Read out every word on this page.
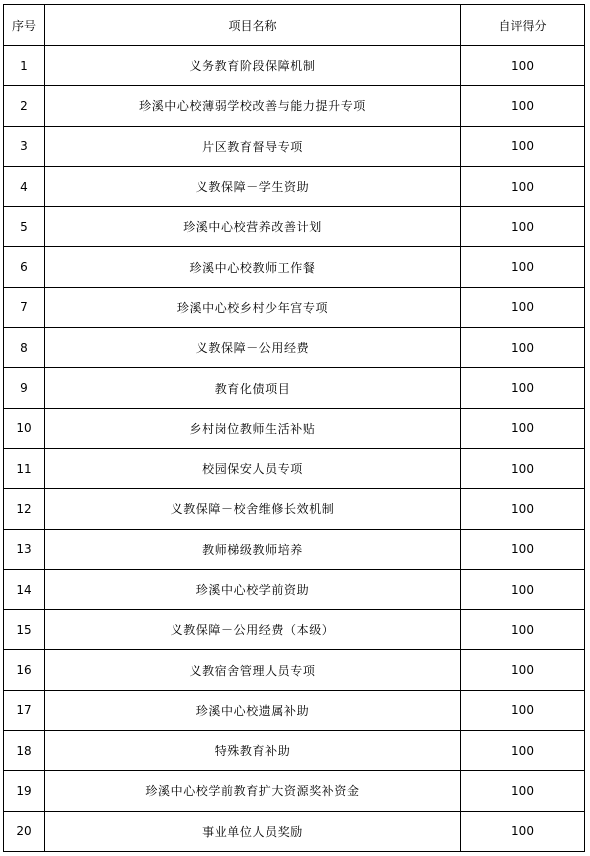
序号	项目名称	自评得分
1	义务教育阶段保障机制	100
2	珍溪中心校薄弱学校改善与能力提升专项	100
3	片区教育督导专项	100
4	义教保障－学生资助	100
5	珍溪中心校营养改善计划	100
6	珍溪中心校教师工作餐	100
7	珍溪中心校乡村少年宫专项	100
8	义教保障－公用经费	100
9	教育化债项目	100
10	乡村岗位教师生活补贴	100
11	校园保安人员专项	100
12	义教保障－校舍维修长效机制	100
13	教师梯级教师培养	100
14	珍溪中心校学前资助	100
15	义教保障－公用经费（本级）	100
16	义教宿舍管理人员专项	100
17	珍溪中心校遗属补助	100
18	特殊教育补助	100
19	珍溪中心校学前教育扩大资源奖补资金	100
20	事业单位人员奖励	100
